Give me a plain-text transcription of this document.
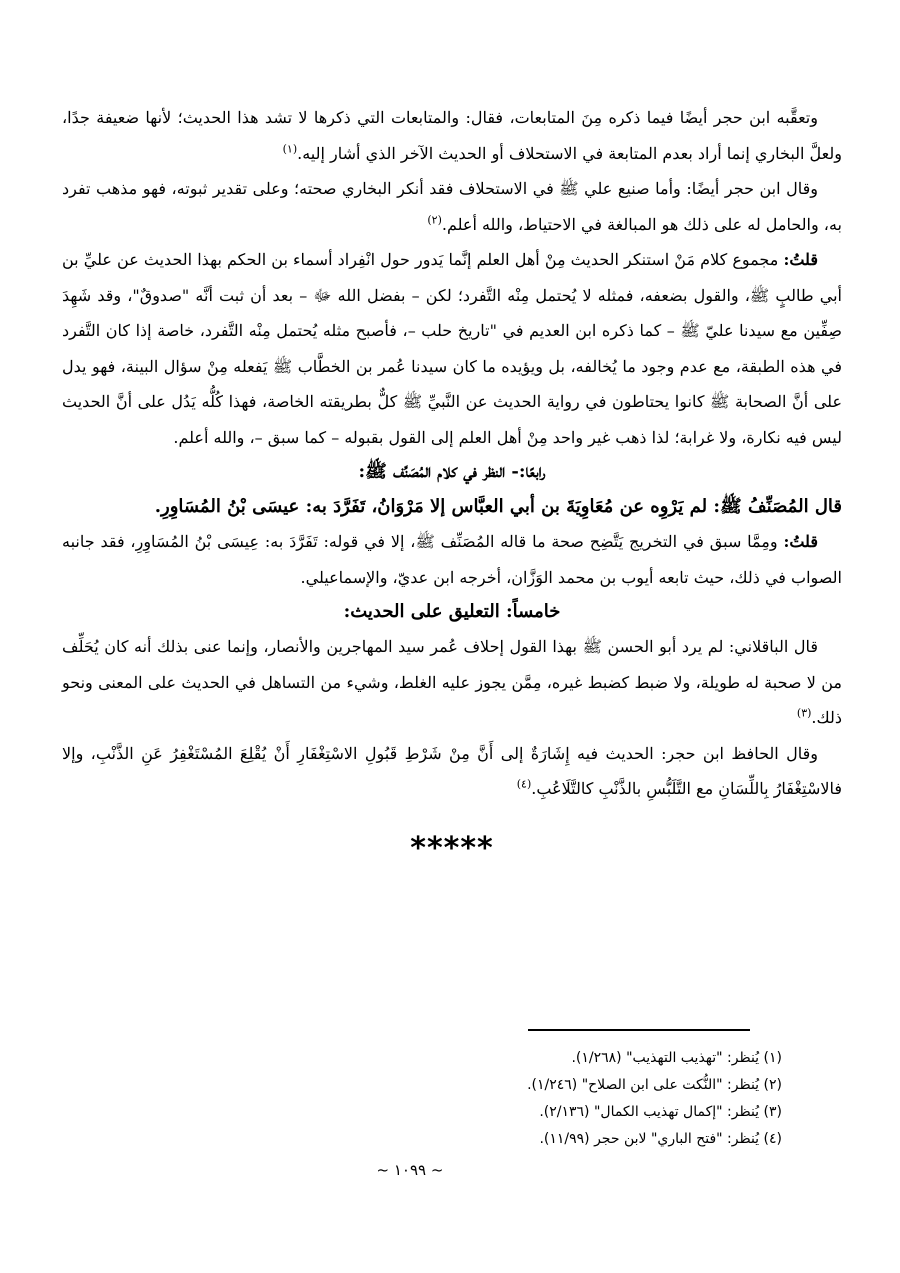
وتعقَّبه ابن حجر أيضًا فيما ذكره مِنَ المتابعات، فقال: والمتابعات التي ذكرها لا تشد هذا الحديث؛ لأنها ضعيفة جدًا، ولعلَّ البخاري إنما أراد بعدم المتابعة في الاستحلاف أو الحديث الآخر الذي أشار إليه.$^{(١)}$

وقال ابن حجر أيضًا: وأما صنيع علي ﷺ في الاستحلاف فقد أنكر البخاري صحته؛ وعلى تقدير ثبوته، فهو مذهب تفرد به، والحامل له على ذلك هو المبالغة في الاحتياط، والله أعلم.$^{(٢)}$

قلتُ: مجموع كلام مَنْ استنكر الحديث مِنْ أهل العلم إنَّما يَدور حول انْفِراد أسماء بن الحكم بهذا الحديث عن عليِّ بن أبي طالبٍ ﷺ، والقول بضعفه، فمثله لا يُحتمل مِنْه التَّفرد؛ لكن – بفضل الله ﷻ – بعد أن ثبت أنَّه "صدوقٌ"، وقد شَهِدَ صِفِّين مع سيدنا عليّ ﷺ – كما ذكره ابن العديم في "تاريخ حلب –، فأصبح مثله يُحتمل مِنْه التَّفرد، خاصة إذا كان التَّفرد في هذه الطبقة، مع عدم وجود ما يُخالفه، بل ويؤيده ما كان سيدنا عُمر بن الخطَّاب ﷺ يَفعله مِنْ سؤال البينة، فهو يدل على أنَّ الصحابة ﷺ كانوا يحتاطون في رواية الحديث عن النَّبيِّ ﷺ كلٌّ بطريقته الخاصة، فهذا كُلُّه يَدُل على أنَّ الحديث ليس فيه نكارة، ولا غرابة؛ لذا ذهب غير واحد مِنْ أهل العلم إلى القول بقبوله – كما سبق –، والله أعلم.

رابعًا:- النظر في كلام المُصَنِّف ﷺ:

قال المُصَنِّفُ ﷺ: لم يَرْوِه عن مُعَاوِيَةَ بن أبي العبَّاس إلا مَرْوَانُ، تَفَرَّدَ به: عيسَى بْنُ المُسَاوِرِ.

قلتُ: ومِمَّا سبق في التخريج يَتَّضِح صحة ما قاله المُصَنِّف ﷺ، إلا في قوله: تَفَرَّدَ به: عِيسَى بْنُ المُسَاوِرِ، فقد جانبه الصواب في ذلك، حيث تابعه أيوب بن محمد الوَزَّان، أخرجه ابن عديّ، والإسماعيلي.

خامساً: التعليق على الحديث:

قال الباقلاني: لم يرد أبو الحسن ﷺ بهذا القول إحلاف عُمر سيد المهاجرين والأنصار، وإنما عنى بذلك أنه كان يُحَلِّف من لا صحبة له طويلة، ولا ضبط كضبط غيره، مِمَّن يجوز عليه الغلط، وشيء من التساهل في الحديث على المعنى ونحو ذلك.$^{(٣)}$

وقال الحافظ ابن حجر: الحديث فيه إِشَارَةٌ إلى أَنَّ مِنْ شَرْطِ قَبُولِ الاسْتِغْفَارِ أَنْ يُقْلِعَ المُسْتَغْفِرُ عَنِ الذَّنْبِ، وإلا فالاسْتِغْفَارُ بِاللِّسَانِ مع التَّلَبُّسِ بالذَّنْبِ كالتَّلَاعُبِ.$^{(٤)}$

*****
(١) يُنظر: "تهذيب التهذيب" (١/٢٦٨).
(٢) يُنظر: "النُّكت على ابن الصلاح" (١/٢٤٦).
(٣) يُنظر: "إكمال تهذيب الكمال" (٢/١٣٦).
(٤) يُنظر: "فتح الباري" لابن حجر (١١/٩٩).
~ ١٠٩٩ ~
